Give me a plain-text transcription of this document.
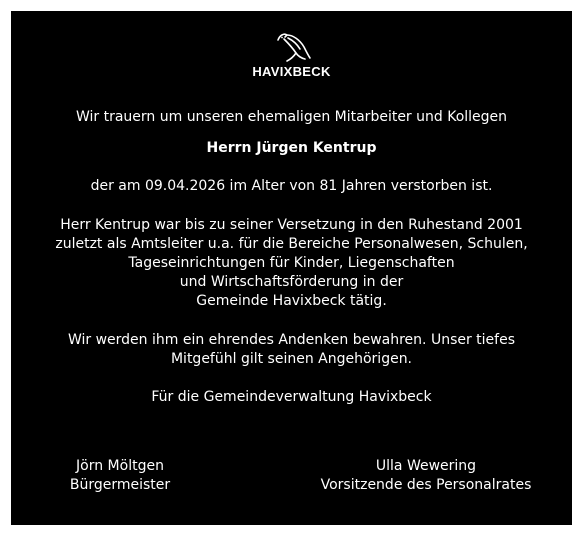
HAVIXBECK
Wir trauern um unseren ehemaligen Mitarbeiter und Kollegen
Herrn Jürgen Kentrup
der am 09.04.2026 im Alter von 81 Jahren verstorben ist.
Herr Kentrup war bis zu seiner Versetzung in den Ruhestand 2001
zuletzt als Amtsleiter u.a. für die Bereiche Personalwesen, Schulen,
Tageseinrichtungen für Kinder, Liegenschaften
und Wirtschaftsförderung in der
Gemeinde Havixbeck tätig.
Wir werden ihm ein ehrendes Andenken bewahren. Unser tiefes
Mitgefühl gilt seinen Angehörigen.
Für die Gemeindeverwaltung Havixbeck
Jörn Möltgen
Bürgermeister
Ulla Wewering
Vorsitzende des Personalrates
